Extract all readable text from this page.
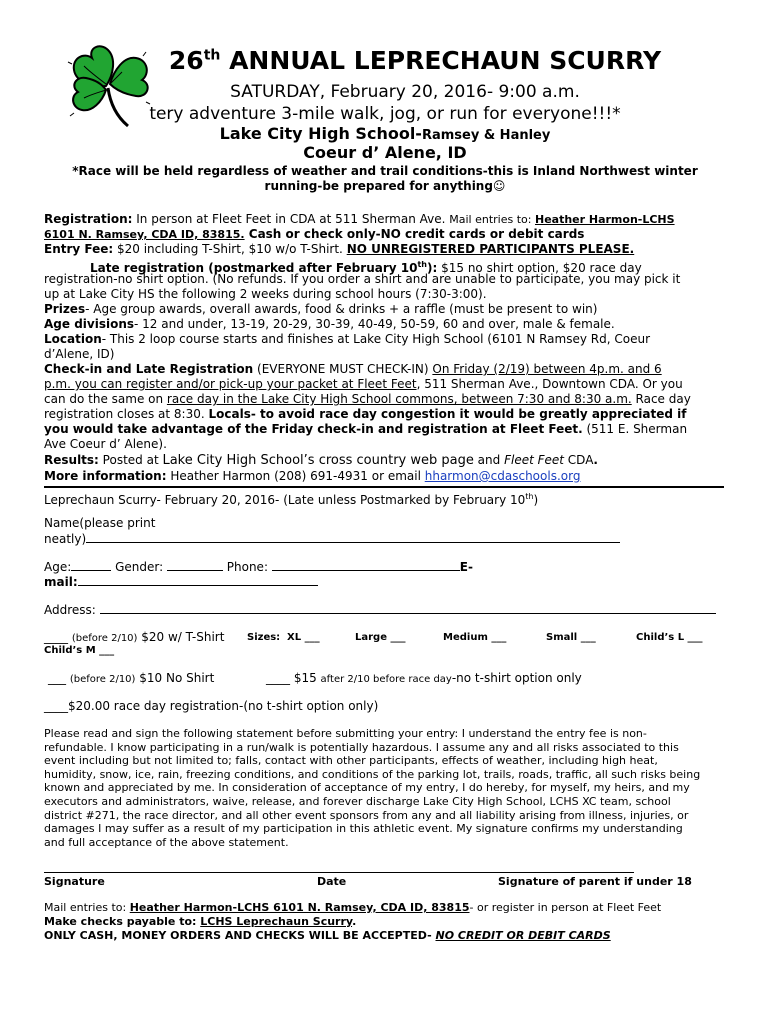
26th ANNUAL LEPRECHAUN SCURRY
SATURDAY, February 20, 2016- 9:00 a.m.
tery adventure 3-mile walk, jog, or run for everyone!!!*
Lake City High School-Ramsey & Hanley
Coeur d’ Alene, ID
*Race will be held regardless of weather and trail conditions-this is Inland Northwest winter
running-be prepared for anything☺
Registration: In person at Fleet Feet in CDA at 511 Sherman Ave. Mail entries to: Heather Harmon-LCHS
6101 N. Ramsey, CDA ID, 83815. Cash or check only-NO credit cards or debit cards
Entry Fee: $20 including T-Shirt, $10 w/o T-Shirt. NO UNREGISTERED PARTICIPANTS PLEASE.
Late registration (postmarked after February 10th): $15 no shirt option, $20 race day
registration-no shirt option. (No refunds. If you order a shirt and are unable to participate, you may pick it
up at Lake City HS the following 2 weeks during school hours (7:30-3:00).
Prizes- Age group awards, overall awards, food & drinks + a raffle (must be present to win)
Age divisions- 12 and under, 13-19, 20-29, 30-39, 40-49, 50-59, 60 and over, male & female.
Location- This 2 loop course starts and finishes at Lake City High School (6101 N Ramsey Rd, Coeur
d’Alene, ID)
Check-in and Late Registration (EVERYONE MUST CHECK-IN) On Friday (2/19) between 4p.m. and 6
p.m. you can register and/or pick-up your packet at Fleet Feet, 511 Sherman Ave., Downtown CDA. Or you
can do the same on race day in the Lake City High School commons, between 7:30 and 8:30 a.m. Race day
registration closes at 8:30. Locals- to avoid race day congestion it would be greatly appreciated if
you would take advantage of the Friday check-in and registration at Fleet Feet. (511 E. Sherman
Ave Coeur d’ Alene).
Results: Posted at Lake City High School’s cross country web page and Fleet Feet CDA.
More information: Heather Harmon (208) 691-4931 or email hharmon@cdaschools.org
Leprechaun Scurry- February 20, 2016- (Late unless Postmarked by February 10th)
Name(please print
neatly)
Age:	Gender:	Phone:	E-
mail:
Address:
____ (before 2/10) $20 w/ T-Shirt Sizes: XL ___	Large ___	Medium ___	Small ___	Child’s L ___
Child’s M ___
___ (before 2/10) $10 No Shirt	____ $15 after 2/10 before race day-no t-shirt option only
____$20.00 race day registration-(no t-shirt option only)
Please read and sign the following statement before submitting your entry: I understand the entry fee is non-
refundable. I know participating in a run/walk is potentially hazardous. I assume any and all risks associated to this
event including but not limited to; falls, contact with other participants, effects of weather, including high heat,
humidity, snow, ice, rain, freezing conditions, and conditions of the parking lot, trails, roads, traffic, all such risks being
known and appreciated by me. In consideration of acceptance of my entry, I do hereby, for myself, my heirs, and my
executors and administrators, waive, release, and forever discharge Lake City High School, LCHS XC team, school
district #271, the race director, and all other event sponsors from any and all liability arising from illness, injuries, or
damages I may suffer as a result of my participation in this athletic event. My signature confirms my understanding
and full acceptance of the above statement.
Signature	Date	Signature of parent if under 18
Mail entries to: Heather Harmon-LCHS 6101 N. Ramsey, CDA ID, 83815- or register in person at Fleet Feet
Make checks payable to: LCHS Leprechaun Scurry.
ONLY CASH, MONEY ORDERS AND CHECKS WILL BE ACCEPTED- NO CREDIT OR DEBIT CARDS
